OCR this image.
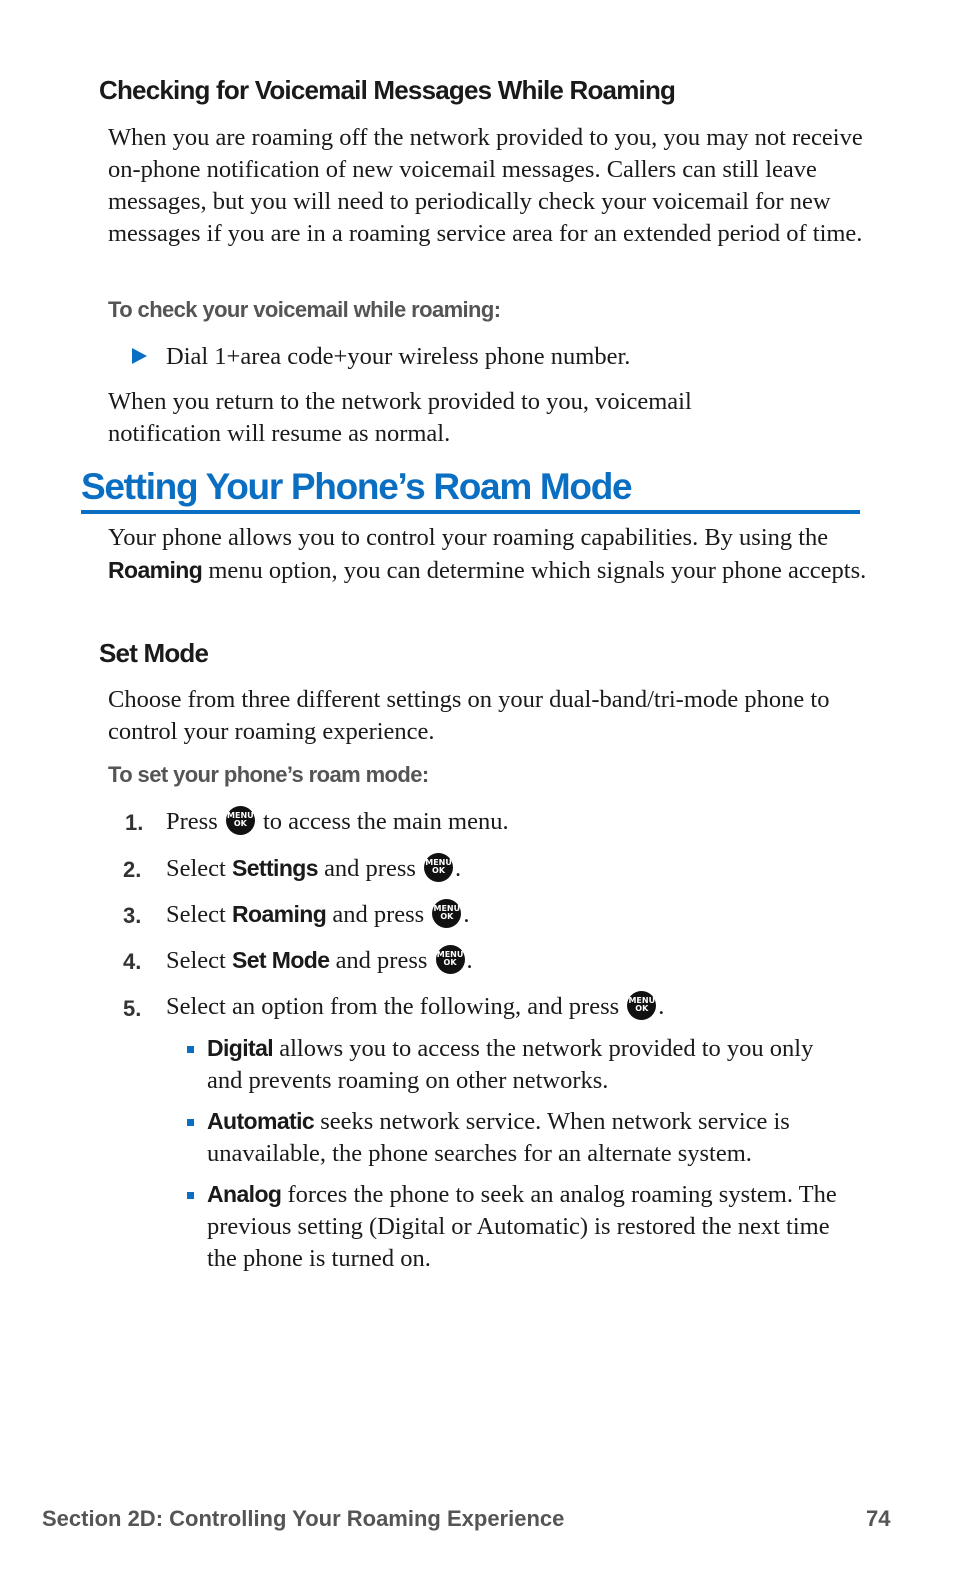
Checking for Voicemail Messages While Roaming
When you are roaming off the network provided to you, you may not receive on-phone notification of new voicemail messages. Callers can still leave messages, but you will need to periodically check your voicemail for new messages if you are in a roaming service area for an extended period of time.
To check your voicemail while roaming:
Dial 1+area code+your wireless phone number.
When you return to the network provided to you, voicemail notification will resume as normal.
Setting Your Phone’s Roam Mode
Your phone allows you to control your roaming capabilities. By using the Roaming menu option, you can determine which signals your phone accepts.
Set Mode
Choose from three different settings on your dual-band/tri-mode phone to control your roaming experience.
To set your phone’s roam mode:
1. Press MENU
OK to access the main menu.
2. Select Settings and press MENU
OK .
3. Select Roaming and press MENU
OK .
4. Select Set Mode and press MENU
OK .
5. Select an option from the following, and press MENU
OK .
Digital allows you to access the network provided to you only and prevents roaming on other networks.
Automatic seeks network service. When network service is unavailable, the phone searches for an alternate system.
Analog forces the phone to seek an analog roaming system. The previous setting (Digital or Automatic) is restored the next time the phone is turned on.
Section 2D: Controlling Your Roaming Experience	74
